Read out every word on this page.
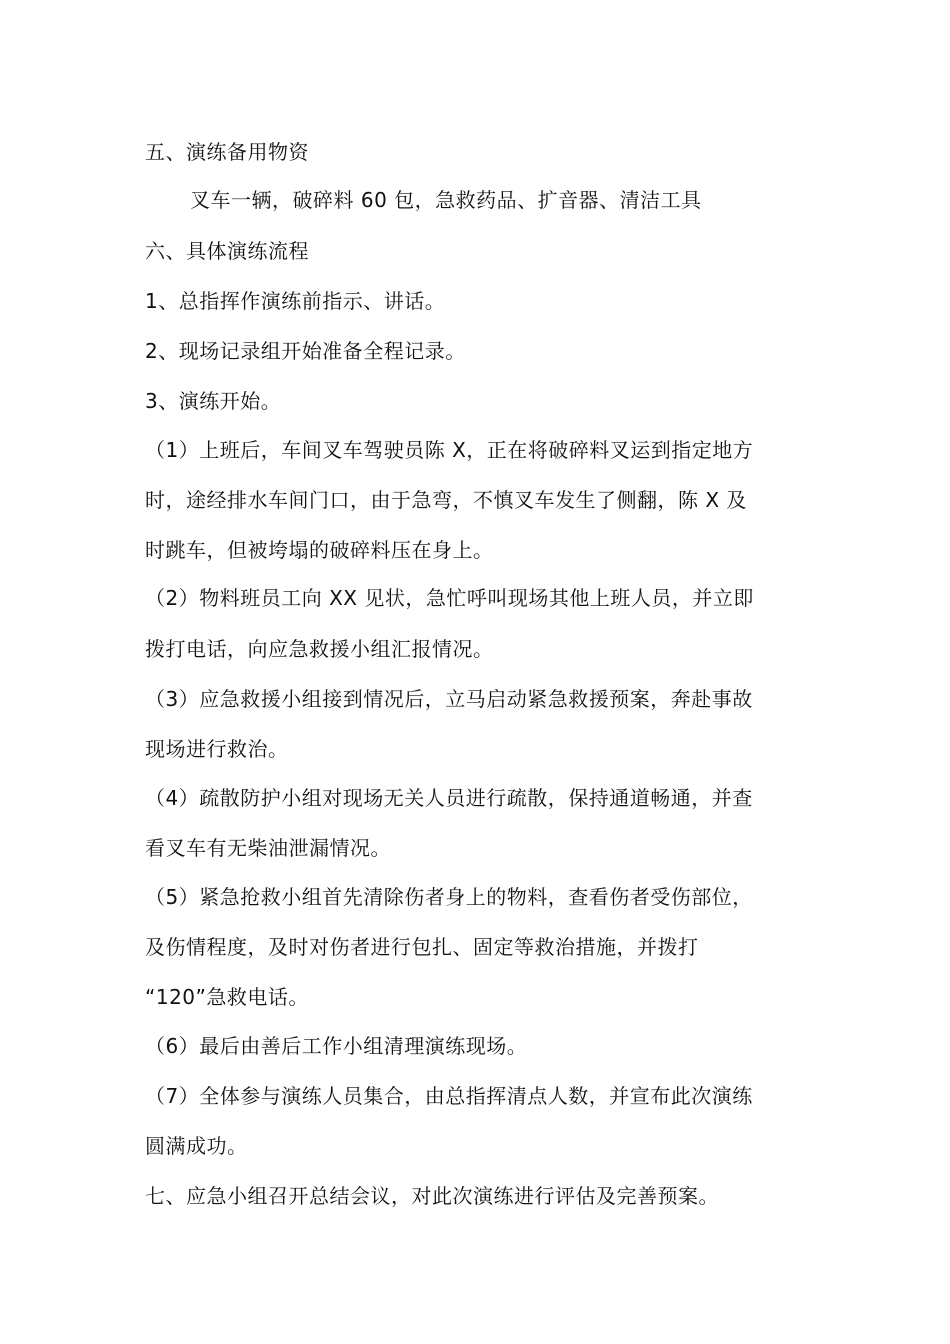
五、演练备用物资
叉车一辆，破碎料 60 包，急救药品、扩音器、清洁工具
六、具体演练流程
1、总指挥作演练前指示、讲话。
2、现场记录组开始准备全程记录。
3、演练开始。
（1）上班后，车间叉车驾驶员陈 X，正在将破碎料叉运到指定地方
时，途经排水车间门口，由于急弯，不慎叉车发生了侧翻，陈 X 及
时跳车，但被垮塌的破碎料压在身上。
（2）物料班员工向 XX 见状，急忙呼叫现场其他上班人员，并立即
拨打电话，向应急救援小组汇报情况。
（3）应急救援小组接到情况后，立马启动紧急救援预案，奔赴事故
现场进行救治。
（4）疏散防护小组对现场无关人员进行疏散，保持通道畅通，并查
看叉车有无柴油泄漏情况。
（5）紧急抢救小组首先清除伤者身上的物料，查看伤者受伤部位，
及伤情程度，及时对伤者进行包扎、固定等救治措施，并拨打
“120”急救电话。
（6）最后由善后工作小组清理演练现场。
（7）全体参与演练人员集合，由总指挥清点人数，并宣布此次演练
圆满成功。
七、应急小组召开总结会议，对此次演练进行评估及完善预案。
